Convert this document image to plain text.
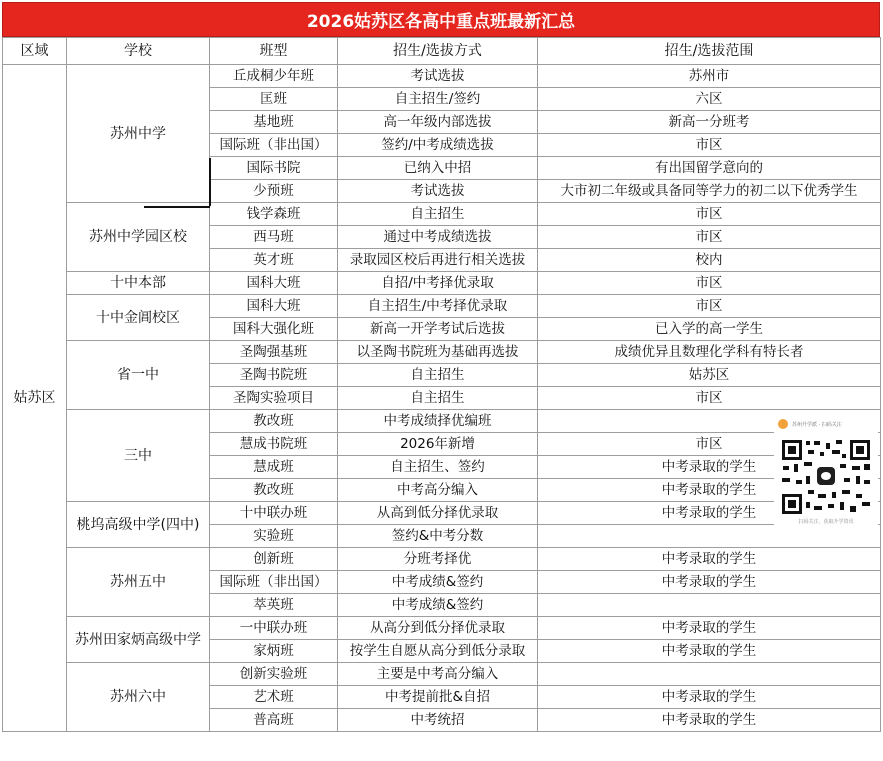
2026姑苏区各高中重点班最新汇总
区域	学校	班型	招生/选拔方式	招生/选拔范围
姑苏区	苏州中学	丘成桐少年班	考试选拔	苏州市
		匡班	自主招生/签约	六区
		基地班	高一年级内部选拔	新高一分班考
		国际班（非出国）	签约/中考成绩选拔	市区
		国际书院	已纳入中招	有出国留学意向的
		少预班	考试选拔	大市初二年级或具备同等学力的初二以下优秀学生
	苏州中学园区校	钱学森班	自主招生	市区
		西马班	通过中考成绩选拔	市区
		英才班	录取园区校后再进行相关选拔	校内
	十中本部	国科大班	自招/中考择优录取	市区
	十中金阊校区	国科大班	自主招生/中考择优录取	市区
		国科大强化班	新高一开学考试后选拔	已入学的高一学生
	省一中	圣陶强基班	以圣陶书院班为基础再选拔	成绩优异且数理化学科有特长者
		圣陶书院班	自主招生	姑苏区
		圣陶实验项目	自主招生	市区
	三中	教改班	中考成绩择优编班	
		慧成书院班	2026年新增	市区
		慧成班	自主招生、签约	中考录取的学生
		教改班	中考高分编入	中考录取的学生
	桃坞高级中学(四中)	十中联办班	从高到低分择优录取	中考录取的学生
		实验班	签约&中考分数	
	苏州五中	创新班	分班考择优	中考录取的学生
		国际班（非出国）	中考成绩&签约	中考录取的学生
		萃英班	中考成绩&签约	
	苏州田家炳高级中学	一中联办班	从高分到低分择优录取	中考录取的学生
		家炳班	按学生自愿从高分到低分录取	中考录取的学生
	苏州六中	创新实验班	主要是中考高分编入	
		艺术班	中考提前批&自招	中考录取的学生
		普高班	中考统招	中考录取的学生
苏州升学派 · 扫码关注
扫码关注，获取升学资讯
